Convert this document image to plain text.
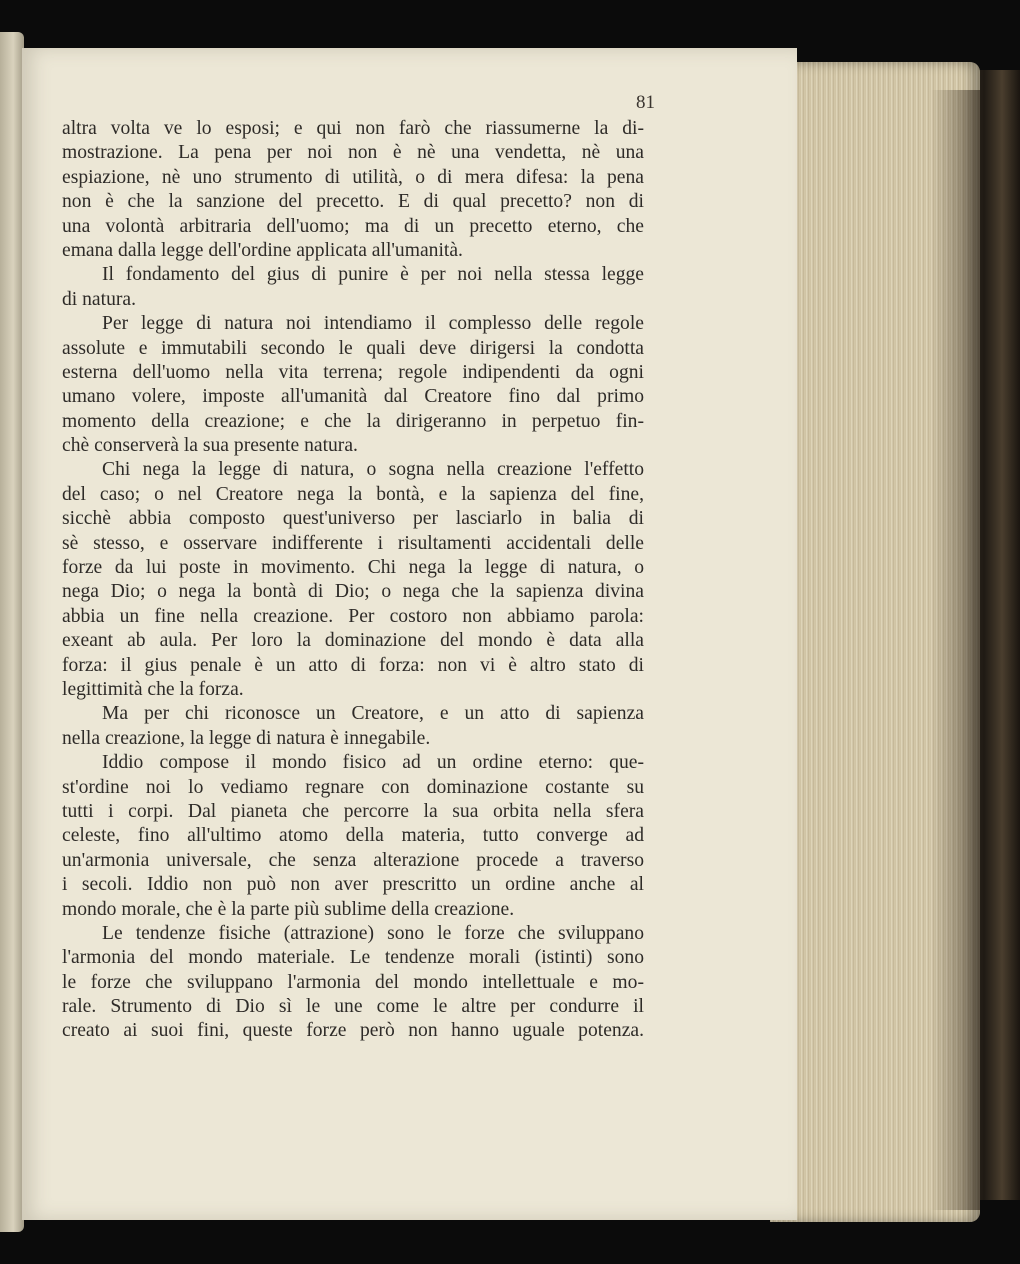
81
altra volta ve lo esposi; e qui non farò che riassumerne la di-
mostrazione. La pena per noi non è nè una vendetta, nè una
espiazione, nè uno strumento di utilità, o di mera difesa: la pena
non è che la sanzione del precetto. E di qual precetto? non di
una volontà arbitraria dell'uomo; ma di un precetto eterno, che
emana dalla legge dell'ordine applicata all'umanità.
Il fondamento del gius di punire è per noi nella stessa legge
di natura.
Per legge di natura noi intendiamo il complesso delle regole
assolute e immutabili secondo le quali deve dirigersi la condotta
esterna dell'uomo nella vita terrena; regole indipendenti da ogni
umano volere, imposte all'umanità dal Creatore fino dal primo
momento della creazione; e che la dirigeranno in perpetuo fin-
chè conserverà la sua presente natura.
Chi nega la legge di natura, o sogna nella creazione l'effetto
del caso; o nel Creatore nega la bontà, e la sapienza del fine,
sicchè abbia composto quest'universo per lasciarlo in balia di
sè stesso, e osservare indifferente i risultamenti accidentali delle
forze da lui poste in movimento. Chi nega la legge di natura, o
nega Dio; o nega la bontà di Dio; o nega che la sapienza divina
abbia un fine nella creazione. Per costoro non abbiamo parola:
exeant ab aula. Per loro la dominazione del mondo è data alla
forza: il gius penale è un atto di forza: non vi è altro stato di
legittimità che la forza.
Ma per chi riconosce un Creatore, e un atto di sapienza
nella creazione, la legge di natura è innegabile.
Iddio compose il mondo fisico ad un ordine eterno: que-
st'ordine noi lo vediamo regnare con dominazione costante su
tutti i corpi. Dal pianeta che percorre la sua orbita nella sfera
celeste, fino all'ultimo atomo della materia, tutto converge ad
un'armonia universale, che senza alterazione procede a traverso
i secoli. Iddio non può non aver prescritto un ordine anche al
mondo morale, che è la parte più sublime della creazione.
Le tendenze fisiche (attrazione) sono le forze che sviluppano
l'armonia del mondo materiale. Le tendenze morali (istinti) sono
le forze che sviluppano l'armonia del mondo intellettuale e mo-
rale. Strumento di Dio sì le une come le altre per condurre il
creato ai suoi fini, queste forze però non hanno uguale potenza.
